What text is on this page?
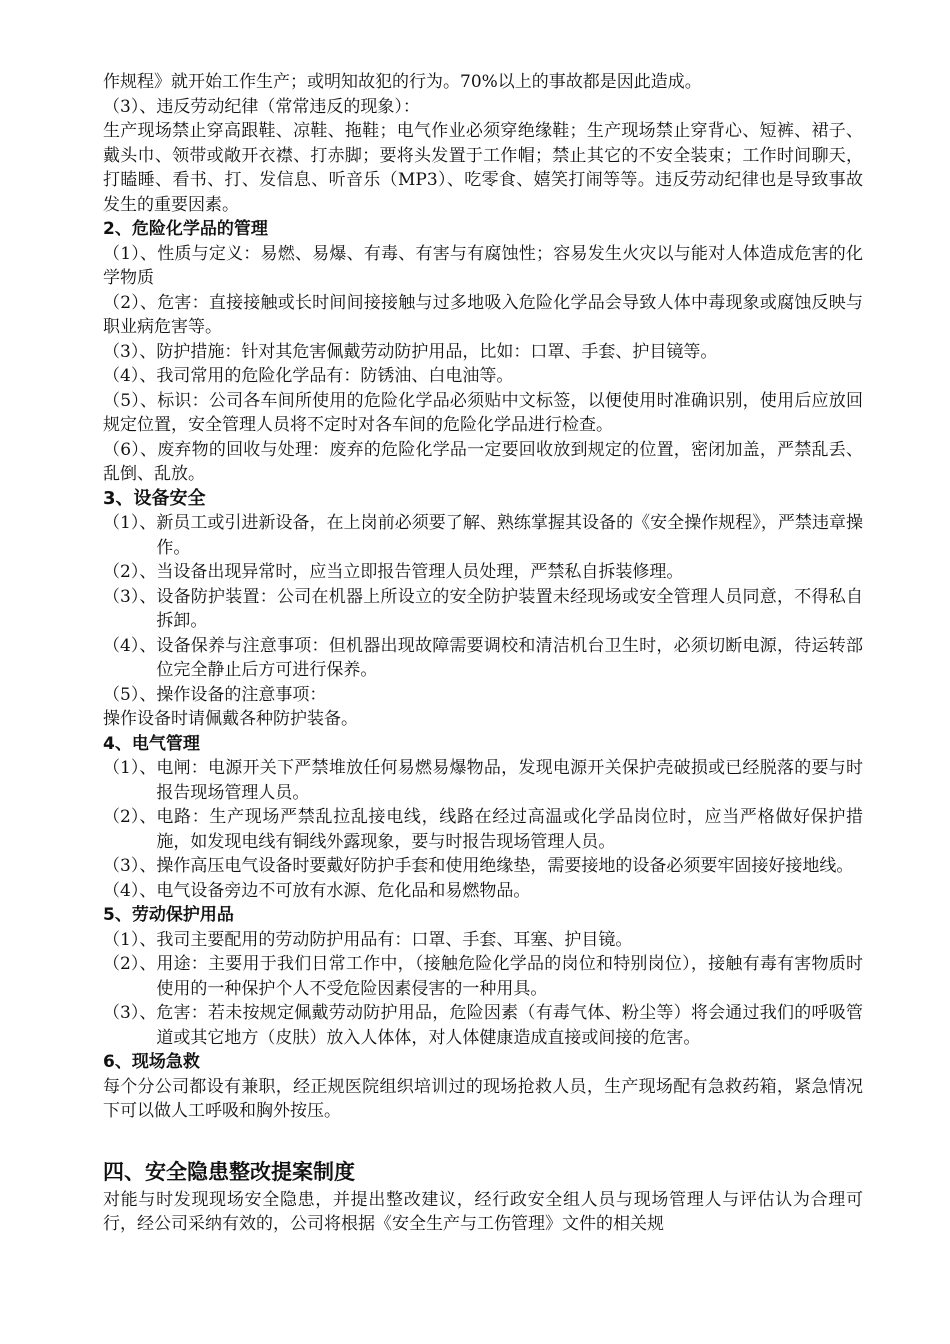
作规程》就开始工作生产；或明知故犯的行为。70%以上的事故都是因此造成。

（3）、违反劳动纪律（常常违反的现象）：

生产现场禁止穿高跟鞋、凉鞋、拖鞋；电气作业必须穿绝缘鞋；生产现场禁止穿背心、短裤、裙子、戴头巾、领带或敞开衣襟、打赤脚；要将头发置于工作帽；禁止其它的不安全装束；工作时间聊天，打瞌睡、看书、打、发信息、听音乐（MP3）、吃零食、嬉笑打闹等等。违反劳动纪律也是导致事故发生的重要因素。

2、危险化学品的管理

（1）、性质与定义：易燃、易爆、有毒、有害与有腐蚀性；容易发生火灾以与能对人体造成危害的化学物质

（2）、危害：直接接触或长时间间接接触与过多地吸入危险化学品会导致人体中毒现象或腐蚀反映与职业病危害等。

（3）、防护措施：针对其危害佩戴劳动防护用品，比如：口罩、手套、护目镜等。

（4）、我司常用的危险化学品有：防锈油、白电油等。

（5）、标识：公司各车间所使用的危险化学品必须贴中文标签，以便使用时准确识别，使用后应放回规定位置，安全管理人员将不定时对各车间的危险化学品进行检查。

（6）、废弃物的回收与处理：废弃的危险化学品一定要回收放到规定的位置，密闭加盖，严禁乱丢、乱倒、乱放。

3、设备安全

（1）、 新员工或引进新设备，在上岗前必须要了解、熟练掌握其设备的《安全操作规程》，严禁违章操作。
（2）、 当设备出现异常时，应当立即报告管理人员处理，严禁私自拆装修理。
（3）、 设备防护装置：公司在机器上所设立的安全防护装置未经现场或安全管理人员同意，不得私自拆卸。
（4）、 设备保养与注意事项：但机器出现故障需要调校和清洁机台卫生时，必须切断电源，待运转部位完全静止后方可进行保养。
（5）、 操作设备的注意事项：

操作设备时请佩戴各种防护装备。

4、电气管理

（1）、 电闸：电源开关下严禁堆放任何易燃易爆物品，发现电源开关保护壳破损或已经脱落的要与时报告现场管理人员。
（2）、 电路：生产现场严禁乱拉乱接电线，线路在经过高温或化学品岗位时，应当严格做好保护措施，如发现电线有铜线外露现象，要与时报告现场管理人员。
（3）、 操作高压电气设备时要戴好防护手套和使用绝缘垫，需要接地的设备必须要牢固接好接地线。
（4）、 电气设备旁边不可放有水源、危化品和易燃物品。

5、劳动保护用品

（1）、 我司主要配用的劳动防护用品有：口罩、手套、耳塞、护目镜。
（2）、 用途：主要用于我们日常工作中，（接触危险化学品的岗位和特别岗位），接触有毒有害物质时使用的一种保护个人不受危险因素侵害的一种用具。
（3）、 危害：若未按规定佩戴劳动防护用品，危险因素（有毒气体、粉尘等）将会通过我们的呼吸管道或其它地方（皮肤）放入人体体，对人体健康造成直接或间接的危害。

6、现场急救

每个分公司都设有兼职，经正规医院组织培训过的现场抢救人员，生产现场配有急救药箱，紧急情况下可以做人工呼吸和胸外按压。

四、安全隐患整改提案制度

对能与时发现现场安全隐患，并提出整改建议，经行政安全组人员与现场管理人与评估认为合理可行，经公司采纳有效的，公司将根据《安全生产与工伤管理》文件的相关规
